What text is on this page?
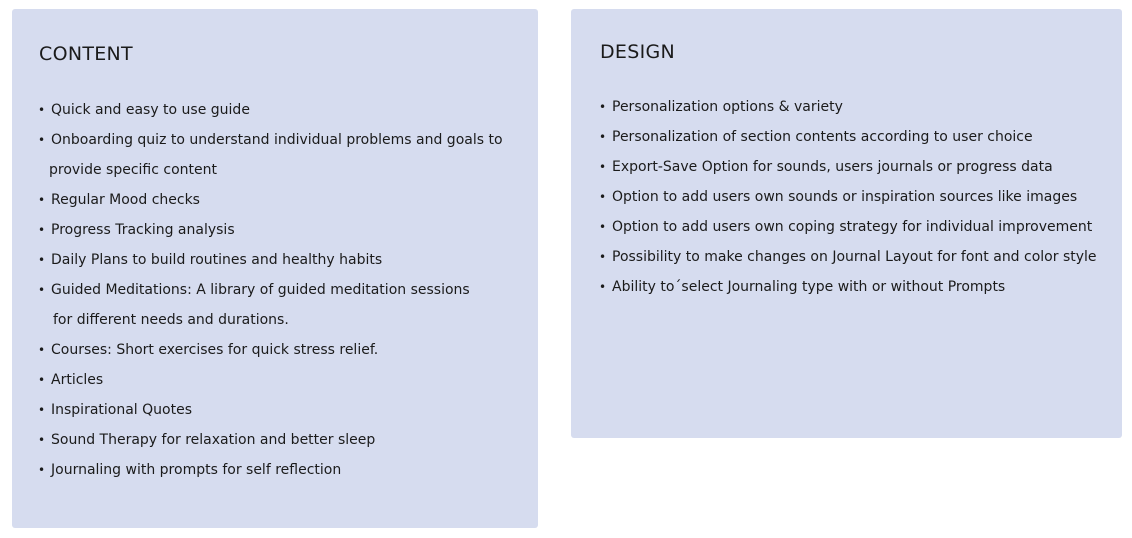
CONTENT
• Quick and easy to use guide
• Onboarding quiz to understand individual problems and goals to
provide specific content
• Regular Mood checks
• Progress Tracking analysis
• Daily Plans to build routines and healthy habits
• Guided Meditations: A library of guided meditation sessions
for different needs and durations.
• Courses: Short exercises for quick stress relief.
• Articles
• Inspirational Quotes
• Sound Therapy for relaxation and better sleep
• Journaling with prompts for self reflection
DESIGN
• Personalization options & variety
• Personalization of section contents according to user choice
• Export-Save Option for sounds, users journals or progress data
• Option to add users own sounds or inspiration sources like images
• Option to add users own coping strategy for individual improvement
• Possibility to make changes on Journal Layout for font and color style
• Ability to´select Journaling type with or without Prompts
